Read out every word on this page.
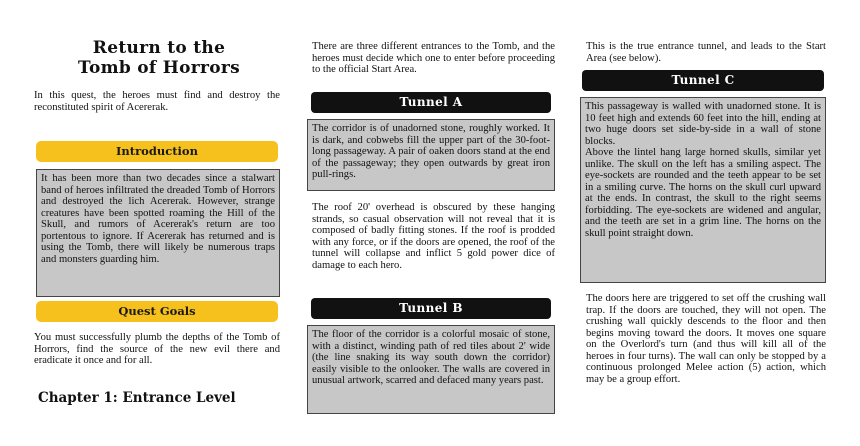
Return to the
Tomb of Horrors

In this quest, the heroes must find and destroy the reconstituted spirit of Acererak.

Introduction
It has been more than two decades since a stalwart band of heroes infiltrated the dreaded Tomb of Horrors and destroyed the lich Acererak. However, strange creatures have been spotted roaming the Hill of the Skull, and rumors of Acererak's return are too portentous to ignore. If Acererak has returned and is using the Tomb, there will likely be numerous traps and monsters guarding him.
Quest Goals

You must successfully plumb the depths of the Tomb of Horrors, find the source of the new evil there and eradicate it once and for all.

Chapter 1: Entrance Level

There are three different entrances to the Tomb, and the heroes must decide which one to enter before proceeding to the official Start Area.

Tunnel A
The corridor is of unadorned stone, roughly worked. It is dark, and cobwebs fill the upper part of the 30-foot-long passageway. A pair of oaken doors stand at the end of the passageway; they open outwards by great iron pull-rings.

The roof 20' overhead is obscured by these hanging strands, so casual observation will not reveal that it is composed of badly fitting stones. If the roof is prodded with any force, or if the doors are opened, the roof of the tunnel will collapse and inflict 5 gold power dice of damage to each hero.

Tunnel B
The floor of the corridor is a colorful mosaic of stone, with a distinct, winding path of red tiles about 2' wide (the line snaking its way south down the corridor) easily visible to the onlooker. The walls are covered in unusual artwork, scarred and defaced many years past.

This is the true entrance tunnel, and leads to the Start Area (see below).

Tunnel C

This passageway is walled with unadorned stone. It is 10 feet high and extends 60 feet into the hill, ending at two huge doors set side-by-side in a wall of stone blocks.

Above the lintel hang large horned skulls, similar yet unlike. The skull on the left has a smiling aspect. The eye-sockets are rounded and the teeth appear to be set in a smiling curve. The horns on the skull curl upward at the ends. In contrast, the skull to the right seems forbidding. The eye-sockets are widened and angular, and the teeth are set in a grim line. The horns on the skull point straight down.

The doors here are triggered to set off the crushing wall trap. If the doors are touched, they will not open. The crushing wall quickly descends to the floor and then begins moving toward the doors. It moves one square on the Overlord's turn (and thus will kill all of the heroes in four turns). The wall can only be stopped by a continuous prolonged Melee action (5) action, which may be a group effort.
